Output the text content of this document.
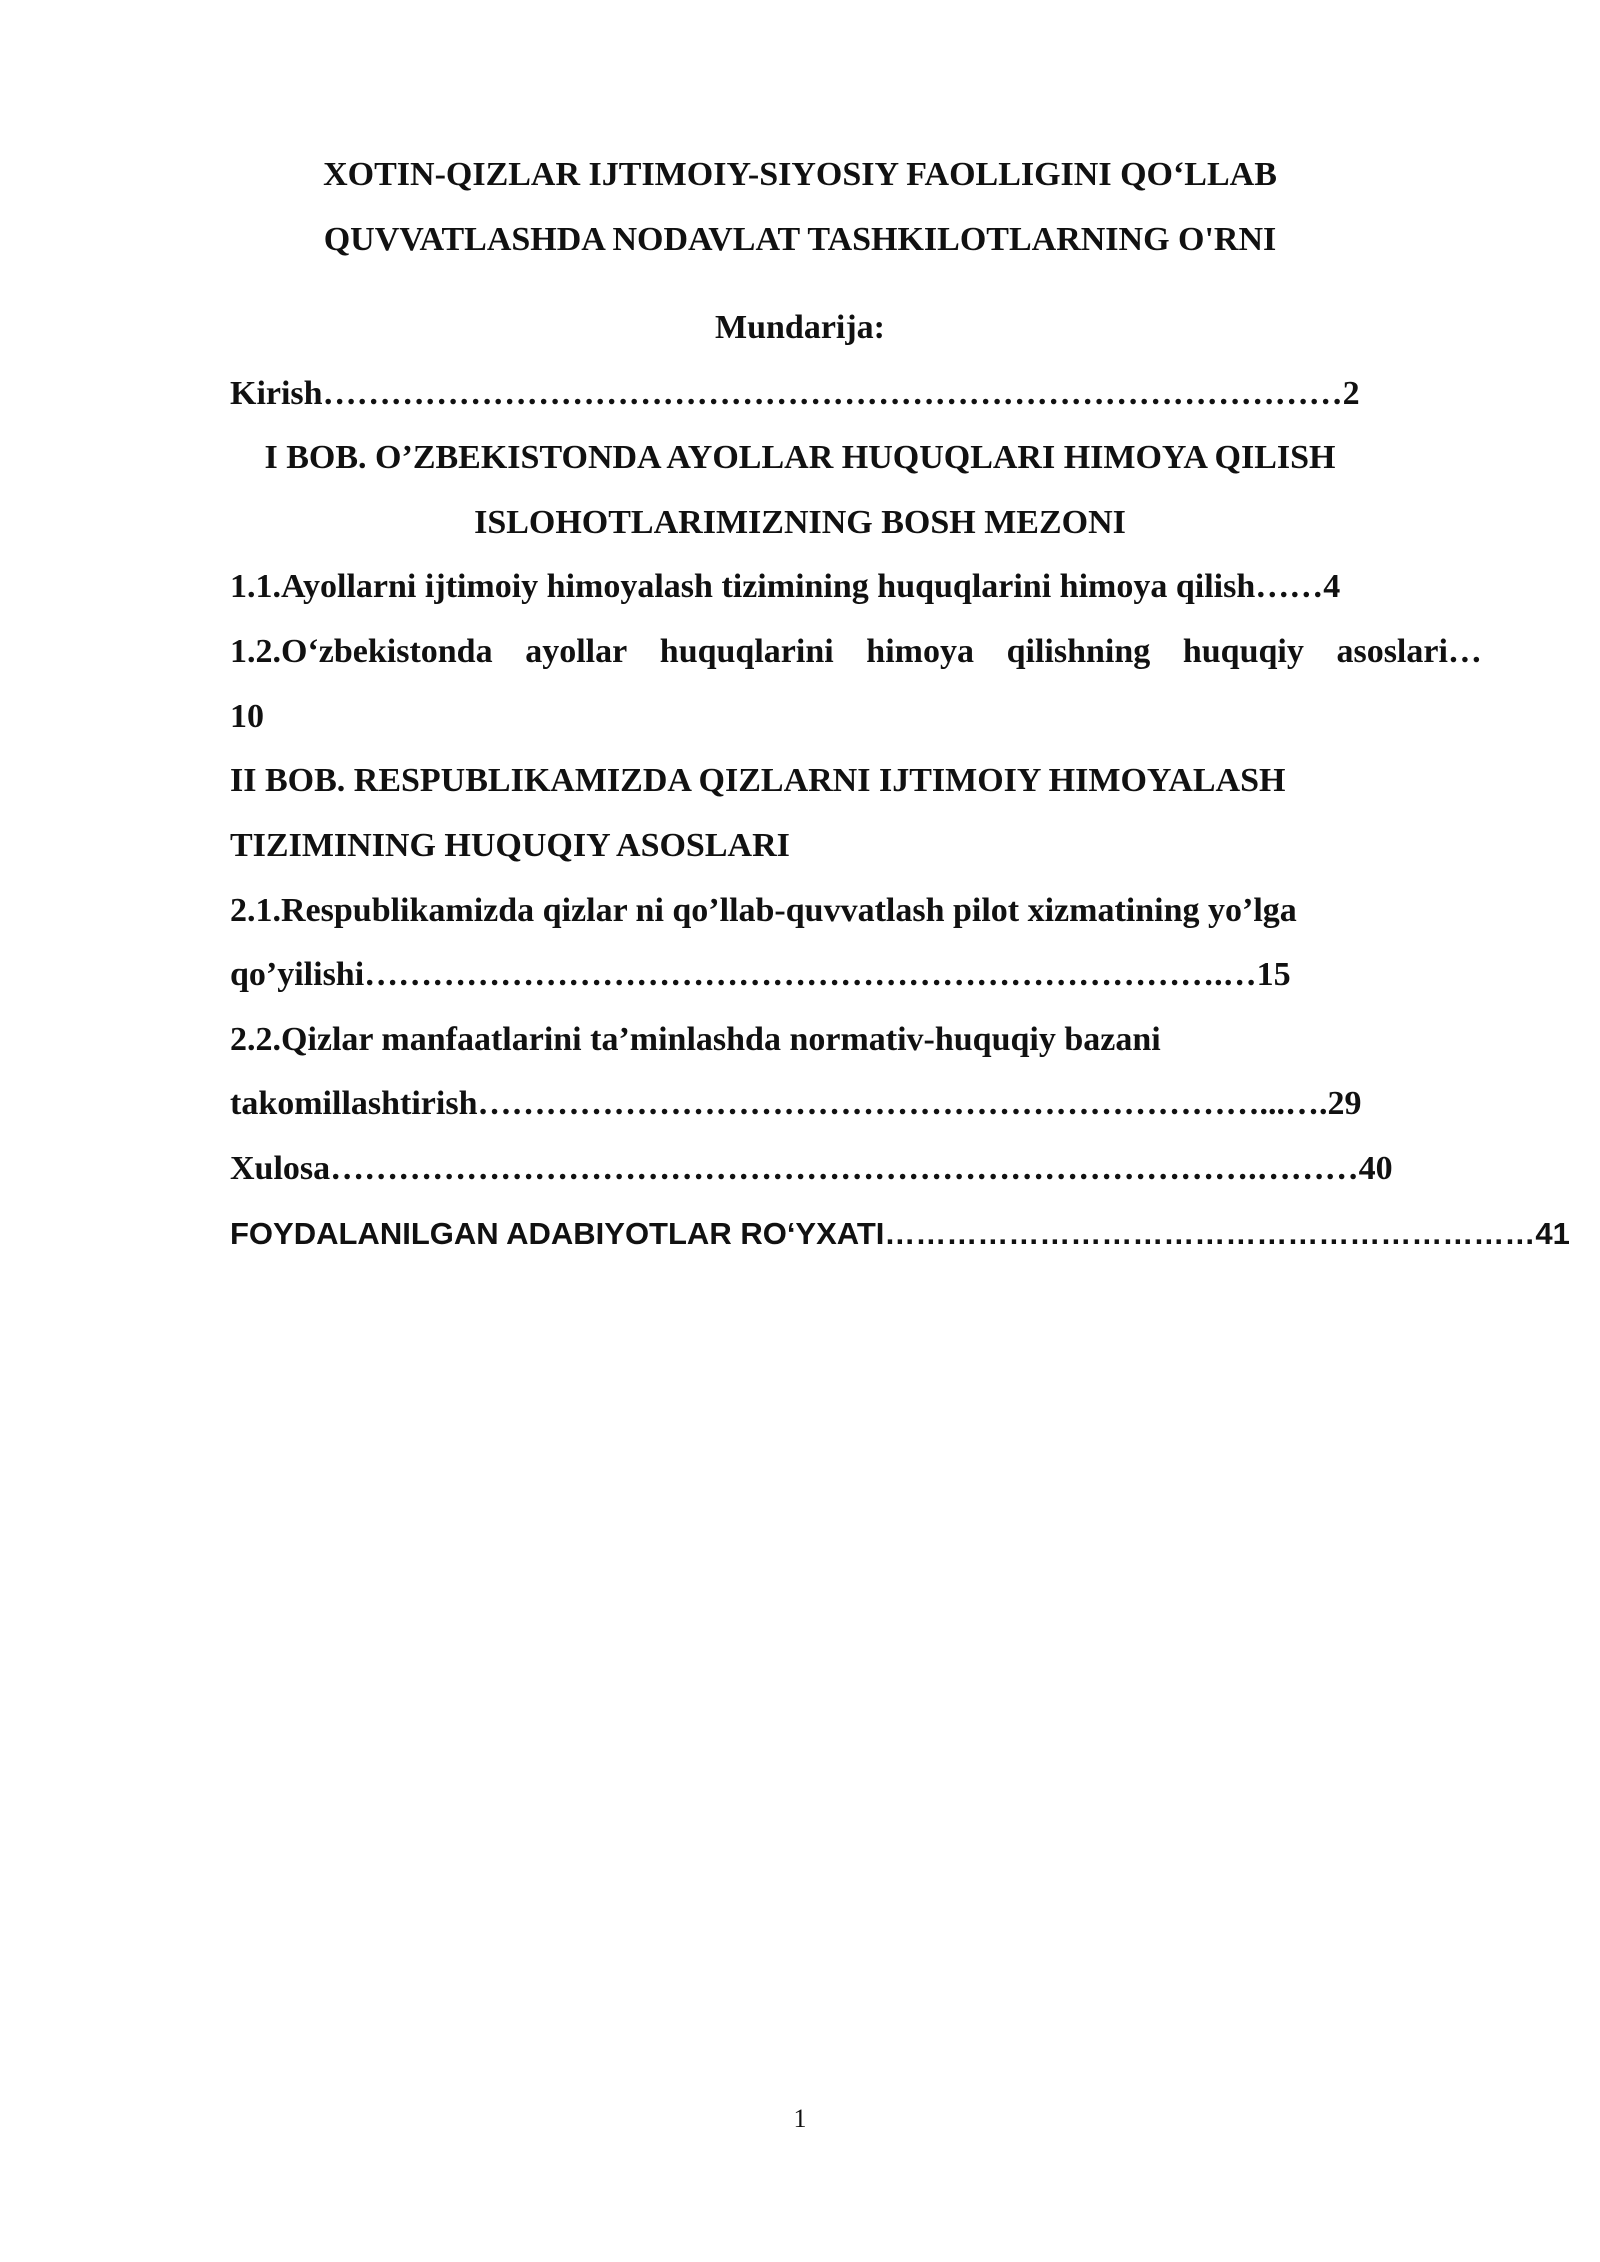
XOTIN-QIZLAR IJTIMOIY-SIYOSIY FAOLLIGINI QO‘LLAB
QUVVATLASHDA NODAVLAT TASHKILOTLARNING O'RNI
Mundarija:
Kirish………………………………………………………………………………2
I BOB. O’ZBEKISTONDA AYOLLAR HUQUQLARI HIMOYA QILISH
ISLOHOTLARIMIZNING BOSH MEZONI
1.1.Ayollarni ijtimoiy himoyalash tizimining huquqlarini himoya qilish……4
1.2.O‘zbekistonda ayollar huquqlarini himoya qilishning huquqiy asoslari…
10
II BOB. RESPUBLIKAMIZDA QIZLARNI IJTIMOIY HIMOYALASH
TIZIMINING HUQUQIY ASOSLARI
2.1.Respublikamizda qizlar ni qo’llab-quvvatlash pilot xizmatining yo’lga
qo’yilishi………………………………………………………………….…15
2.2.Qizlar manfaatlarini ta’minlashda normativ-huquqiy bazani
takomillashtirish……………………………………………………………...….29
Xulosa……………………………………………………………………….………40
FOYDALANILGAN ADABIYOTLAR RO‘YXATI………………………………………………………41
1
